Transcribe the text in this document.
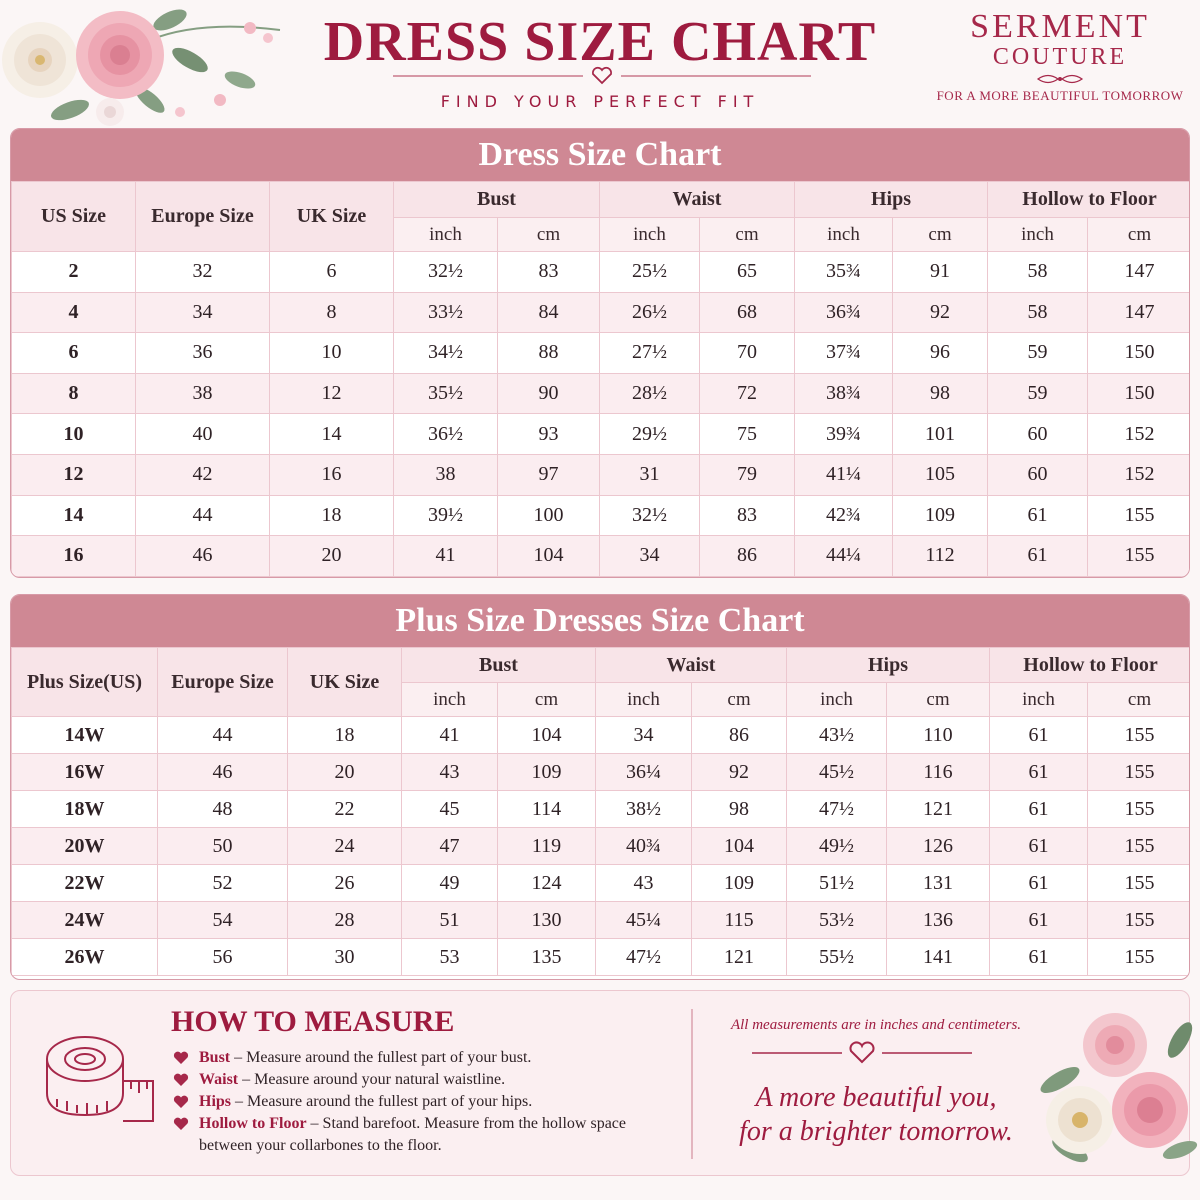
DRESS SIZE CHART
FIND YOUR PERFECT FIT
SERMENT
COUTURE
FOR A MORE BEAUTIFUL TOMORROW
Dress Size Chart
US Size	Europe Size	UK Size	Bust		Waist		Hips		Hollow to Floor	
			inch	cm	inch	cm	inch	cm	inch	cm
2	32	6	32½	83	25½	65	35¾	91	58	147
4	34	8	33½	84	26½	68	36¾	92	58	147
6	36	10	34½	88	27½	70	37¾	96	59	150
8	38	12	35½	90	28½	72	38¾	98	59	150
10	40	14	36½	93	29½	75	39¾	101	60	152
12	42	16	38	97	31	79	41¼	105	60	152
14	44	18	39½	100	32½	83	42¾	109	61	155
16	46	20	41	104	34	86	44¼	112	61	155
Plus Size Dresses Size Chart
Plus Size(US)	Europe Size	UK Size	Bust		Waist		Hips		Hollow to Floor	
			inch	cm	inch	cm	inch	cm	inch	cm
14W	44	18	41	104	34	86	43½	110	61	155
16W	46	20	43	109	36¼	92	45½	116	61	155
18W	48	22	45	114	38½	98	47½	121	61	155
20W	50	24	47	119	40¾	104	49½	126	61	155
22W	52	26	49	124	43	109	51½	131	61	155
24W	54	28	51	130	45¼	115	53½	136	61	155
26W	56	30	53	135	47½	121	55½	141	61	155
HOW TO MEASURE
Bust – Measure around the fullest part of your bust.
Waist – Measure around your natural waistline.
Hips – Measure around the fullest part of your hips.
Hollow to Floor – Stand barefoot. Measure from the hollow space between your collarbones to the floor.
All measurements are in inches and centimeters.
A more beautiful you,
for a brighter tomorrow.
